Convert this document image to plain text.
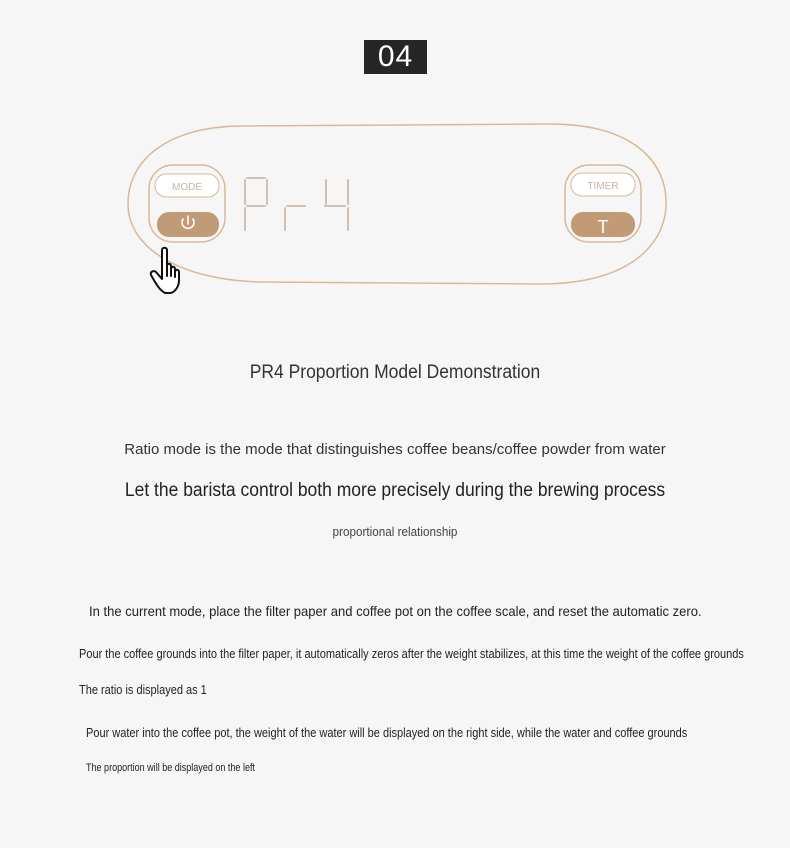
04
MODE
Pr-4
TIMER
T
PR4 Proportion Model Demonstration
Ratio mode is the mode that distinguishes coffee beans/coffee powder from water
Let the barista control both more precisely during the brewing process
proportional relationship
In the current mode, place the filter paper and coffee pot on the coffee scale, and reset the automatic zero.
Pour the coffee grounds into the filter paper, it automatically zeros after the weight stabilizes, at this time the weight of the coffee grounds
The ratio is displayed as 1
Pour water into the coffee pot, the weight of the water will be displayed on the right side, while the water and coffee grounds
The proportion will be displayed on the left
